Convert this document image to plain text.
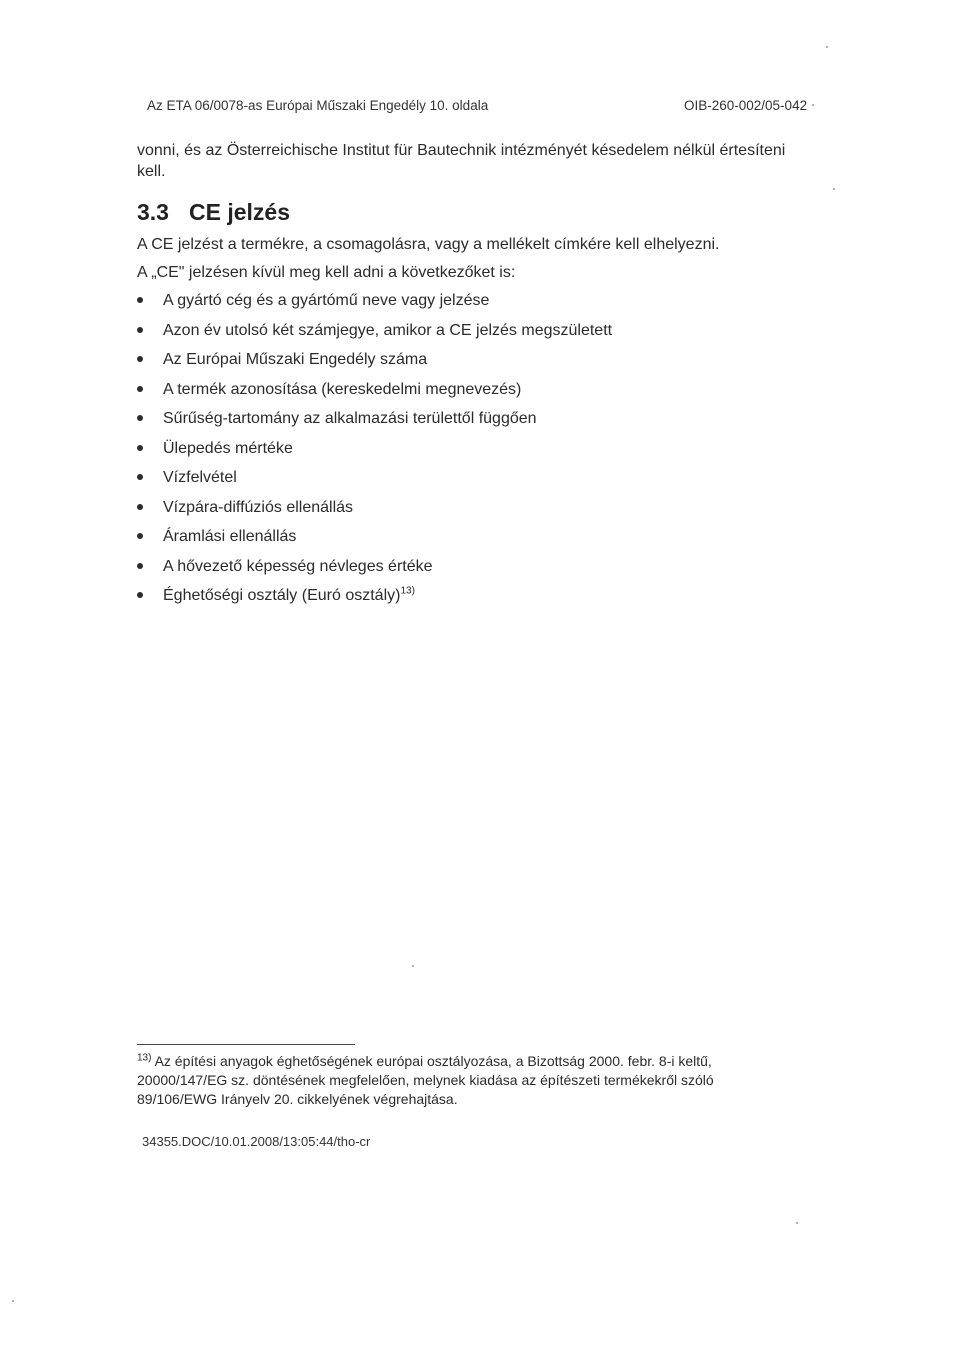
Az ETA 06/0078-as Európai Műszaki Engedély 10. oldala	OIB-260-002/05-042
vonni, és az Österreichische Institut für Bautechnik intézményét késedelem nélkül értesíteni
kell.
3.3 CE jelzés
A CE jelzést a termékre, a csomagolásra, vagy a mellékelt címkére kell elhelyezni.
A „CE" jelzésen kívül meg kell adni a következőket is:
A gyártó cég és a gyártómű neve vagy jelzése
Azon év utolsó két számjegye, amikor a CE jelzés megszületett
Az Európai Műszaki Engedély száma
A termék azonosítása (kereskedelmi megnevezés)
Sűrűség-tartomány az alkalmazási területtől függően
Ülepedés mértéke
Vízfelvétel
Vízpára-diffúziós ellenállás
Áramlási ellenállás
A hővezető képesség névleges értéke
Éghetőségi osztály (Euró osztály)$^{13)}$
$^{13)}$ Az építési anyagok éghetőségének európai osztályozása, a Bizottság 2000. febr. 8-i keltű,
20000/147/EG sz. döntésének megfelelően, melynek kiadása az építészeti termékekről szóló
89/106/EWG Irányelv 20. cikkelyének végrehajtása.
34355.DOC/10.01.2008/13:05:44/tho-cr
